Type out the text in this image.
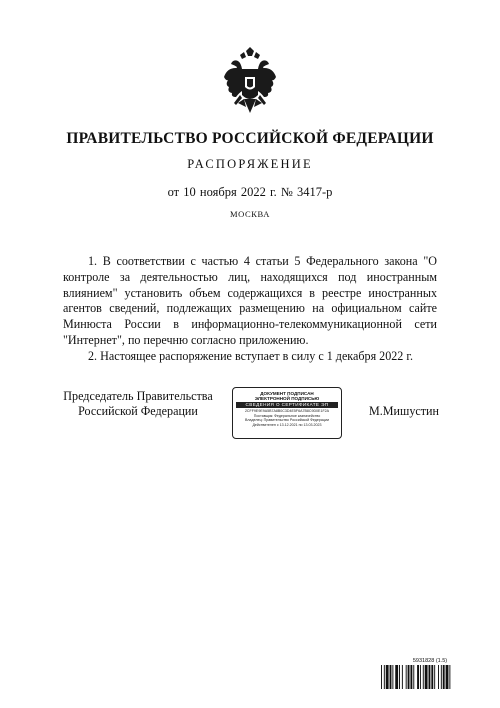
ПРАВИТЕЛЬСТВО РОССИЙСКОЙ ФЕДЕРАЦИИ
РАСПОРЯЖЕНИЕ
от 10 ноября 2022 г. № 3417-р
МОСКВА

1. В соответствии с частью 4 статьи 5 Федерального закона "О контроле за деятельностью лиц, находящихся под иностранным влиянием" установить объем содержащихся в реестре иностранных агентов сведений, подлежащих размещению на официальном сайте Минюста России в информационно-телекоммуникационной сети "Интернет", по перечню согласно приложению.

2. Настоящее распоряжение вступает в силу с 1 декабря 2022 г.

Председатель Правительства
Российской Федерации
ДОКУМЕНТ ПОДПИСАН
ЭЛЕКТРОННОЙ ПОДПИСЬЮ
СВЕДЕНИЯ О СЕРТИФИКАТЕ ЭП
2CFF9E9E9A5B7A8B0C3D4E5F6A7B8C9D0E1F2A
Поставщик: Федеральное казначейство
Владелец: Правительство Российской Федерации
Действителен с 13.12.2021 по 13.03.2023
М.Мишустин
5931828 (1.5)
